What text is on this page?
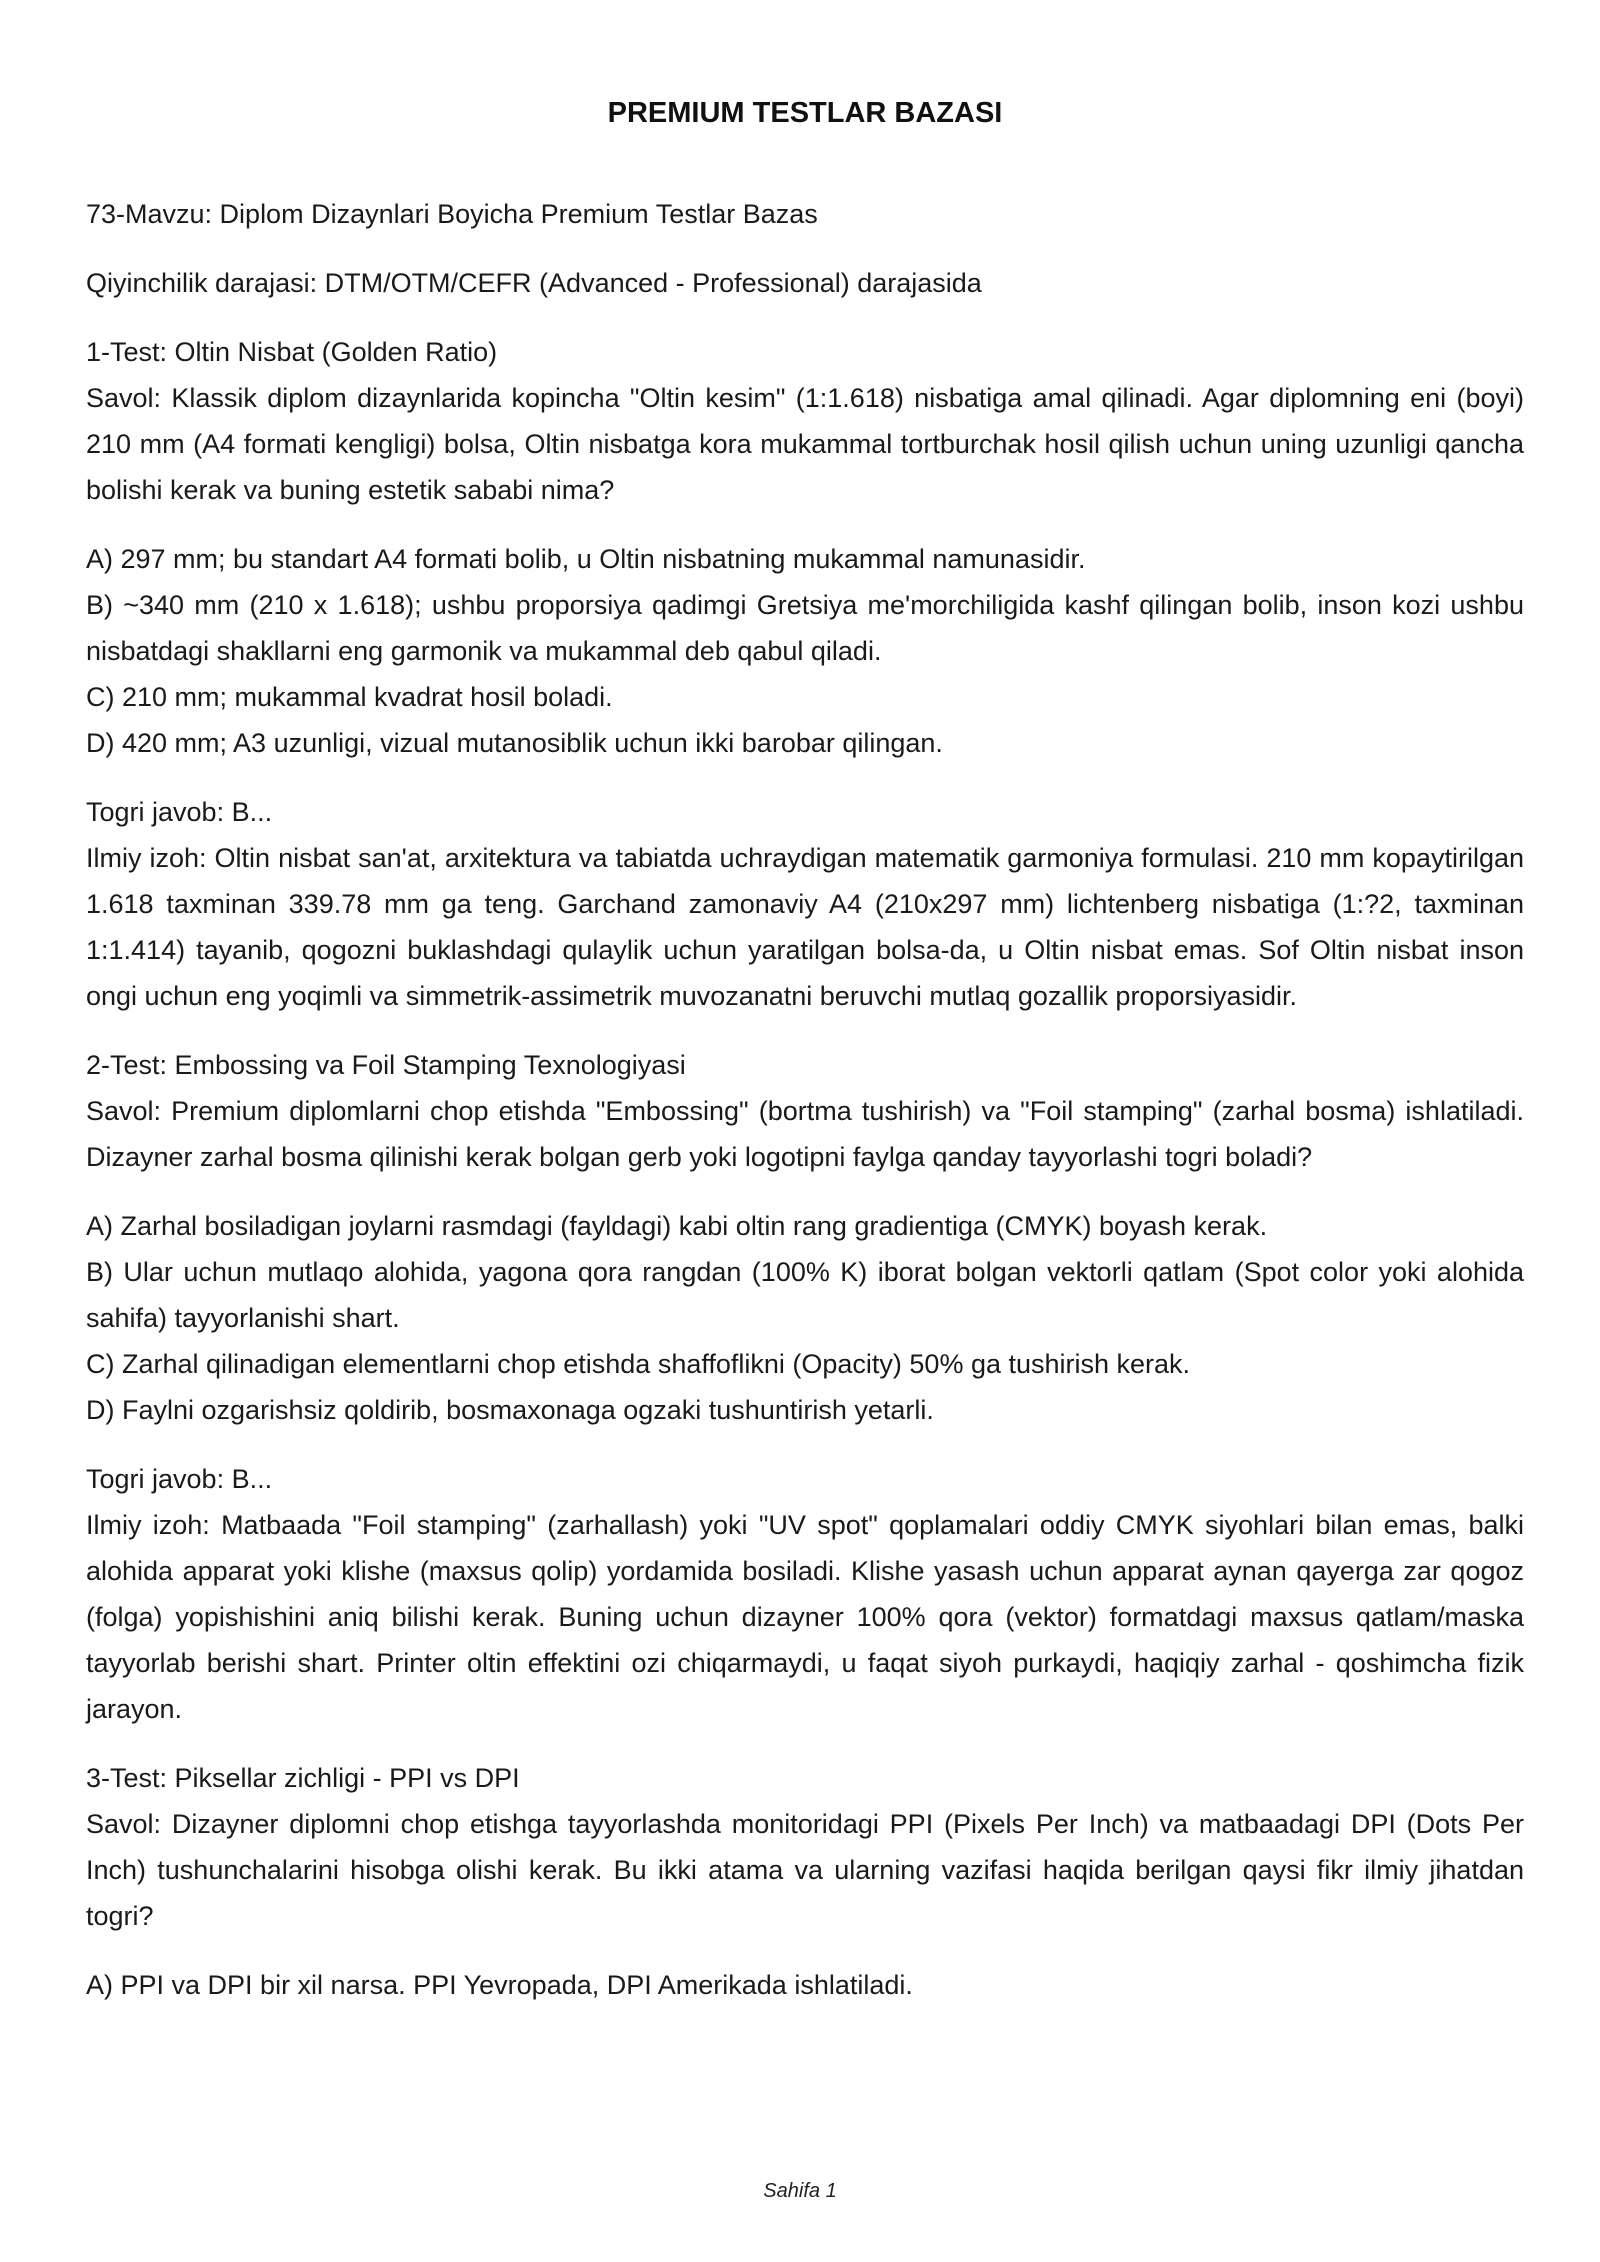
PREMIUM TESTLAR BAZASI

73-Mavzu: Diplom Dizaynlari Boyicha Premium Testlar Bazas

Qiyinchilik darajasi: DTM/OTM/CEFR (Advanced - Professional) darajasida

1-Test: Oltin Nisbat (Golden Ratio)

Savol: Klassik diplom dizaynlarida kopincha "Oltin kesim" (1:1.618) nisbatiga amal qilinadi. Agar diplomning eni (boyi) 210 mm (A4 formati kengligi) bolsa, Oltin nisbatga kora mukammal tortburchak hosil qilish uchun uning uzunligi qancha bolishi kerak va buning estetik sababi nima?

A) 297 mm; bu standart A4 formati bolib, u Oltin nisbatning mukammal namunasidir.

B) ~340 mm (210 x 1.618); ushbu proporsiya qadimgi Gretsiya me'morchiligida kashf qilingan bolib, inson kozi ushbu nisbatdagi shakllarni eng garmonik va mukammal deb qabul qiladi.

C) 210 mm; mukammal kvadrat hosil boladi.

D) 420 mm; A3 uzunligi, vizual mutanosiblik uchun ikki barobar qilingan.

Togri javob: B...

Ilmiy izoh: Oltin nisbat san'at, arxitektura va tabiatda uchraydigan matematik garmoniya formulasi. 210 mm kopaytirilgan 1.618 taxminan 339.78 mm ga teng. Garchand zamonaviy A4 (210x297 mm) lichtenberg nisbatiga (1:?2, taxminan 1:1.414) tayanib, qogozni buklashdagi qulaylik uchun yaratilgan bolsa-da, u Oltin nisbat emas. Sof Oltin nisbat inson ongi uchun eng yoqimli va simmetrik-assimetrik muvozanatni beruvchi mutlaq gozallik proporsiyasidir.

2-Test: Embossing va Foil Stamping Texnologiyasi

Savol: Premium diplomlarni chop etishda "Embossing" (bortma tushirish) va "Foil stamping" (zarhal bosma) ishlatiladi. Dizayner zarhal bosma qilinishi kerak bolgan gerb yoki logotipni faylga qanday tayyorlashi togri boladi?

A) Zarhal bosiladigan joylarni rasmdagi (fayldagi) kabi oltin rang gradientiga (CMYK) boyash kerak.

B) Ular uchun mutlaqo alohida, yagona qora rangdan (100% K) iborat bolgan vektorli qatlam (Spot color yoki alohida sahifa) tayyorlanishi shart.

C) Zarhal qilinadigan elementlarni chop etishda shaffoflikni (Opacity) 50% ga tushirish kerak.

D) Faylni ozgarishsiz qoldirib, bosmaxonaga ogzaki tushuntirish yetarli.

Togri javob: B...

Ilmiy izoh: Matbaada "Foil stamping" (zarhallash) yoki "UV spot" qoplamalari oddiy CMYK siyohlari bilan emas, balki alohida apparat yoki klishe (maxsus qolip) yordamida bosiladi. Klishe yasash uchun apparat aynan qayerga zar qogoz (folga) yopishishini aniq bilishi kerak. Buning uchun dizayner 100% qora (vektor) formatdagi maxsus qatlam/maska tayyorlab berishi shart. Printer oltin effektini ozi chiqarmaydi, u faqat siyoh purkaydi, haqiqiy zarhal - qoshimcha fizik jarayon.

3-Test: Piksellar zichligi - PPI vs DPI

Savol: Dizayner diplomni chop etishga tayyorlashda monitoridagi PPI (Pixels Per Inch) va matbaadagi DPI (Dots Per Inch) tushunchalarini hisobga olishi kerak. Bu ikki atama va ularning vazifasi haqida berilgan qaysi fikr ilmiy jihatdan togri?

A) PPI va DPI bir xil narsa. PPI Yevropada, DPI Amerikada ishlatiladi.

Sahifa 1
